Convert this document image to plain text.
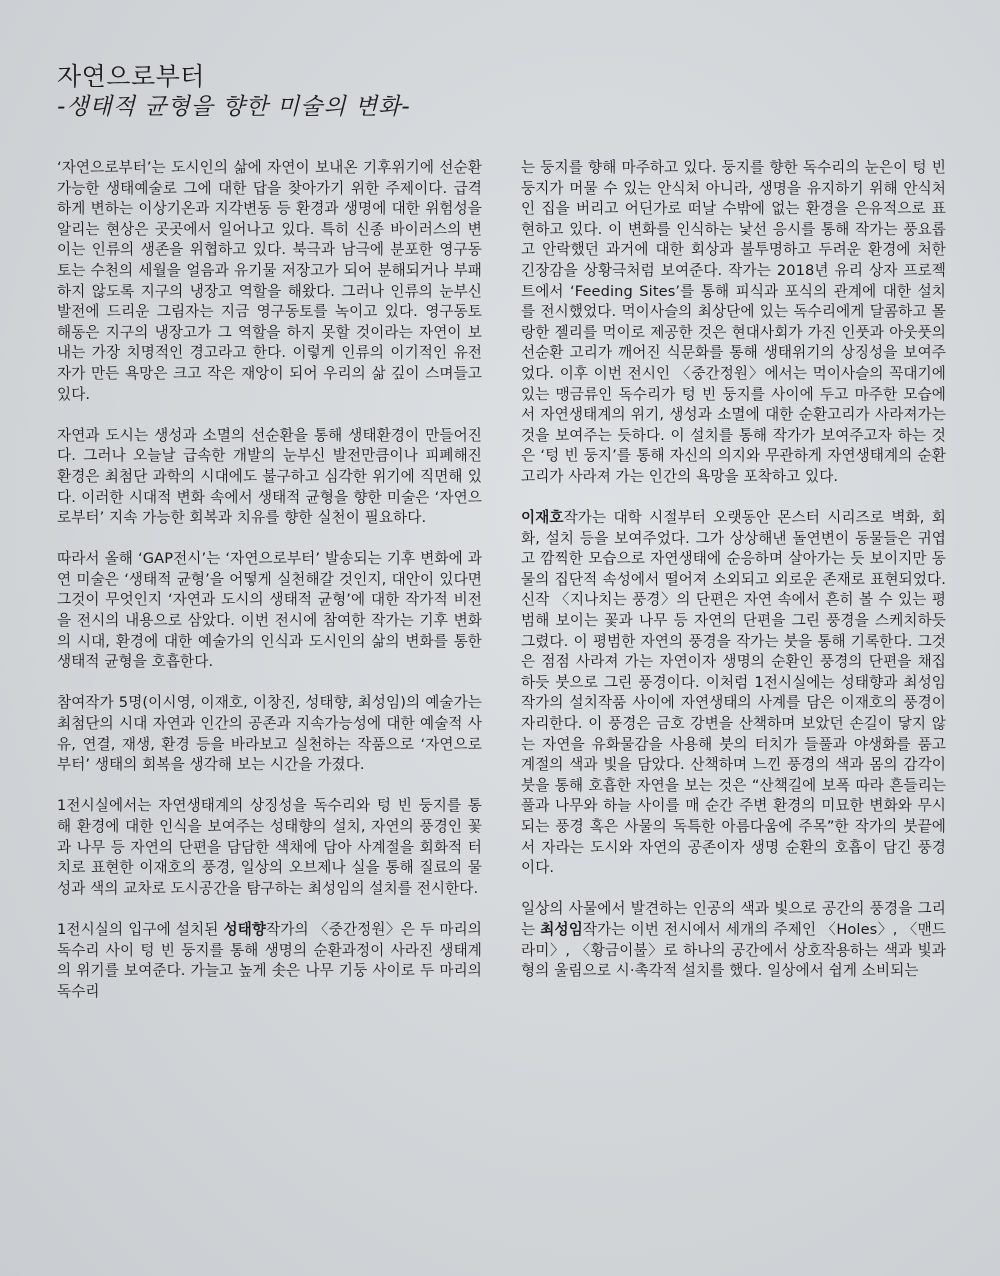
자연으로부터
-생태적 균형을 향한 미술의 변화-

‘자연으로부터’는 도시인의 삶에 자연이 보내온 기후위기에 선순환 가능한 생태예술로 그에 대한 답을 찾아가기 위한 주제이다. 급격하게 변하는 이상기온과 지각변동 등 환경과 생명에 대한 위험성을 알리는 현상은 곳곳에서 일어나고 있다. 특히 신종 바이러스의 변이는 인류의 생존을 위협하고 있다. 북극과 남극에 분포한 영구동토는 수천의 세월을 얼음과 유기물 저장고가 되어 분해되거나 부패하지 않도록 지구의 냉장고 역할을 해왔다. 그러나 인류의 눈부신 발전에 드리운 그림자는 지금 영구동토를 녹이고 있다. 영구동토 해동은 지구의 냉장고가 그 역할을 하지 못할 것이라는 자연이 보내는 가장 치명적인 경고라고 한다. 이렇게 인류의 이기적인 유전자가 만든 욕망은 크고 작은 재앙이 되어 우리의 삶 깊이 스며들고 있다.

자연과 도시는 생성과 소멸의 선순환을 통해 생태환경이 만들어진다. 그러나 오늘날 급속한 개발의 눈부신 발전만큼이나 피폐해진 환경은 최첨단 과학의 시대에도 불구하고 심각한 위기에 직면해 있다. 이러한 시대적 변화 속에서 생태적 균형을 향한 미술은 ‘자연으로부터’ 지속 가능한 회복과 치유를 향한 실천이 필요하다.

따라서 올해 ‘GAP전시’는 ‘자연으로부터’ 발송되는 기후 변화에 과연 미술은 ‘생태적 균형’을 어떻게 실천해갈 것인지, 대안이 있다면 그것이 무엇인지 ‘자연과 도시의 생태적 균형’에 대한 작가적 비전을 전시의 내용으로 삼았다. 이번 전시에 참여한 작가는 기후 변화의 시대, 환경에 대한 예술가의 인식과 도시인의 삶의 변화를 통한 생태적 균형을 호흡한다.

참여작가 5명(이시영, 이재호, 이창진, 성태향, 최성임)의 예술가는 최첨단의 시대 자연과 인간의 공존과 지속가능성에 대한 예술적 사유, 연결, 재생, 환경 등을 바라보고 실천하는 작품으로 ‘자연으로부터’ 생태의 회복을 생각해 보는 시간을 가졌다.

1전시실에서는 자연생태계의 상징성을 독수리와 텅 빈 둥지를 통해 환경에 대한 인식을 보여주는 성태향의 설치, 자연의 풍경인 꽃과 나무 등 자연의 단편을 담담한 색채에 담아 사계절을 회화적 터치로 표현한 이재호의 풍경, 일상의 오브제나 실을 통해 질료의 물성과 색의 교차로 도시공간을 탐구하는 최성임의 설치를 전시한다.

1전시실의 입구에 설치된 성태향작가의 〈중간정원〉은 두 마리의 독수리 사이 텅 빈 둥지를 통해 생명의 순환과정이 사라진 생태계의 위기를 보여준다. 가늘고 높게 솟은 나무 기둥 사이로 두 마리의 독수리

는 둥지를 향해 마주하고 있다. 둥지를 향한 독수리의 눈은이 텅 빈 둥지가 머물 수 있는 안식처 아니라, 생명을 유지하기 위해 안식처인 집을 버리고 어딘가로 떠날 수밖에 없는 환경을 은유적으로 표현하고 있다. 이 변화를 인식하는 낯선 응시를 통해 작가는 풍요롭고 안락했던 과거에 대한 회상과 불투명하고 두려운 환경에 처한 긴장감을 상황극처럼 보여준다. 작가는 2018년 유리 상자 프로젝트에서 ‘Feeding Sites’를 통해 피식과 포식의 관계에 대한 설치를 전시했었다. 먹이사슬의 최상단에 있는 독수리에게 달콤하고 몰랑한 젤리를 먹이로 제공한 것은 현대사회가 가진 인풋과 아웃풋의 선순환 고리가 깨어진 식문화를 통해 생태위기의 상징성을 보여주었다. 이후 이번 전시인 〈중간정원〉에서는 먹이사슬의 꼭대기에 있는 맹금류인 독수리가 텅 빈 둥지를 사이에 두고 마주한 모습에서 자연생태계의 위기, 생성과 소멸에 대한 순환고리가 사라져가는 것을 보여주는 듯하다. 이 설치를 통해 작가가 보여주고자 하는 것은 ‘텅 빈 둥지’를 통해 자신의 의지와 무관하게 자연생태계의 순환고리가 사라져 가는 인간의 욕망을 포착하고 있다.

이재호작가는 대학 시절부터 오랫동안 몬스터 시리즈로 벽화, 회화, 설치 등을 보여주었다. 그가 상상해낸 돌연변이 동물들은 귀엽고 깜찍한 모습으로 자연생태에 순응하며 살아가는 듯 보이지만 동물의 집단적 속성에서 떨어져 소외되고 외로운 존재로 표현되었다. 신작 〈지나치는 풍경〉의 단편은 자연 속에서 흔히 볼 수 있는 평범해 보이는 꽃과 나무 등 자연의 단편을 그린 풍경을 스케치하듯 그렸다. 이 평범한 자연의 풍경을 작가는 붓을 통해 기록한다. 그것은 점점 사라져 가는 자연이자 생명의 순환인 풍경의 단편을 채집하듯 붓으로 그린 풍경이다. 이처럼 1전시실에는 성태향과 최성임 작가의 설치작품 사이에 자연생태의 사계를 담은 이재호의 풍경이 자리한다. 이 풍경은 금호 강변을 산책하며 보았던 손길이 닿지 않는 자연을 유화물감을 사용해 붓의 터치가 들풀과 야생화를 품고 계절의 색과 빛을 담았다. 산책하며 느낀 풍경의 색과 몸의 감각이 붓을 통해 호흡한 자연을 보는 것은 “산책길에 보폭 따라 흔들리는 풀과 나무와 하늘 사이를 매 순간 주변 환경의 미묘한 변화와 무시되는 풍경 혹은 사물의 독특한 아름다움에 주목”한 작가의 붓끝에서 자라는 도시와 자연의 공존이자 생명 순환의 호흡이 담긴 풍경이다.

일상의 사물에서 발견하는 인공의 색과 빛으로 공간의 풍경을 그리는 최성임작가는 이번 전시에서 세개의 주제인 〈Holes〉, 〈맨드라미〉, 〈황금이불〉로 하나의 공간에서 상호작용하는 색과 빛과 형의 울림으로 시·촉각적 설치를 했다. 일상에서 쉽게 소비되는
